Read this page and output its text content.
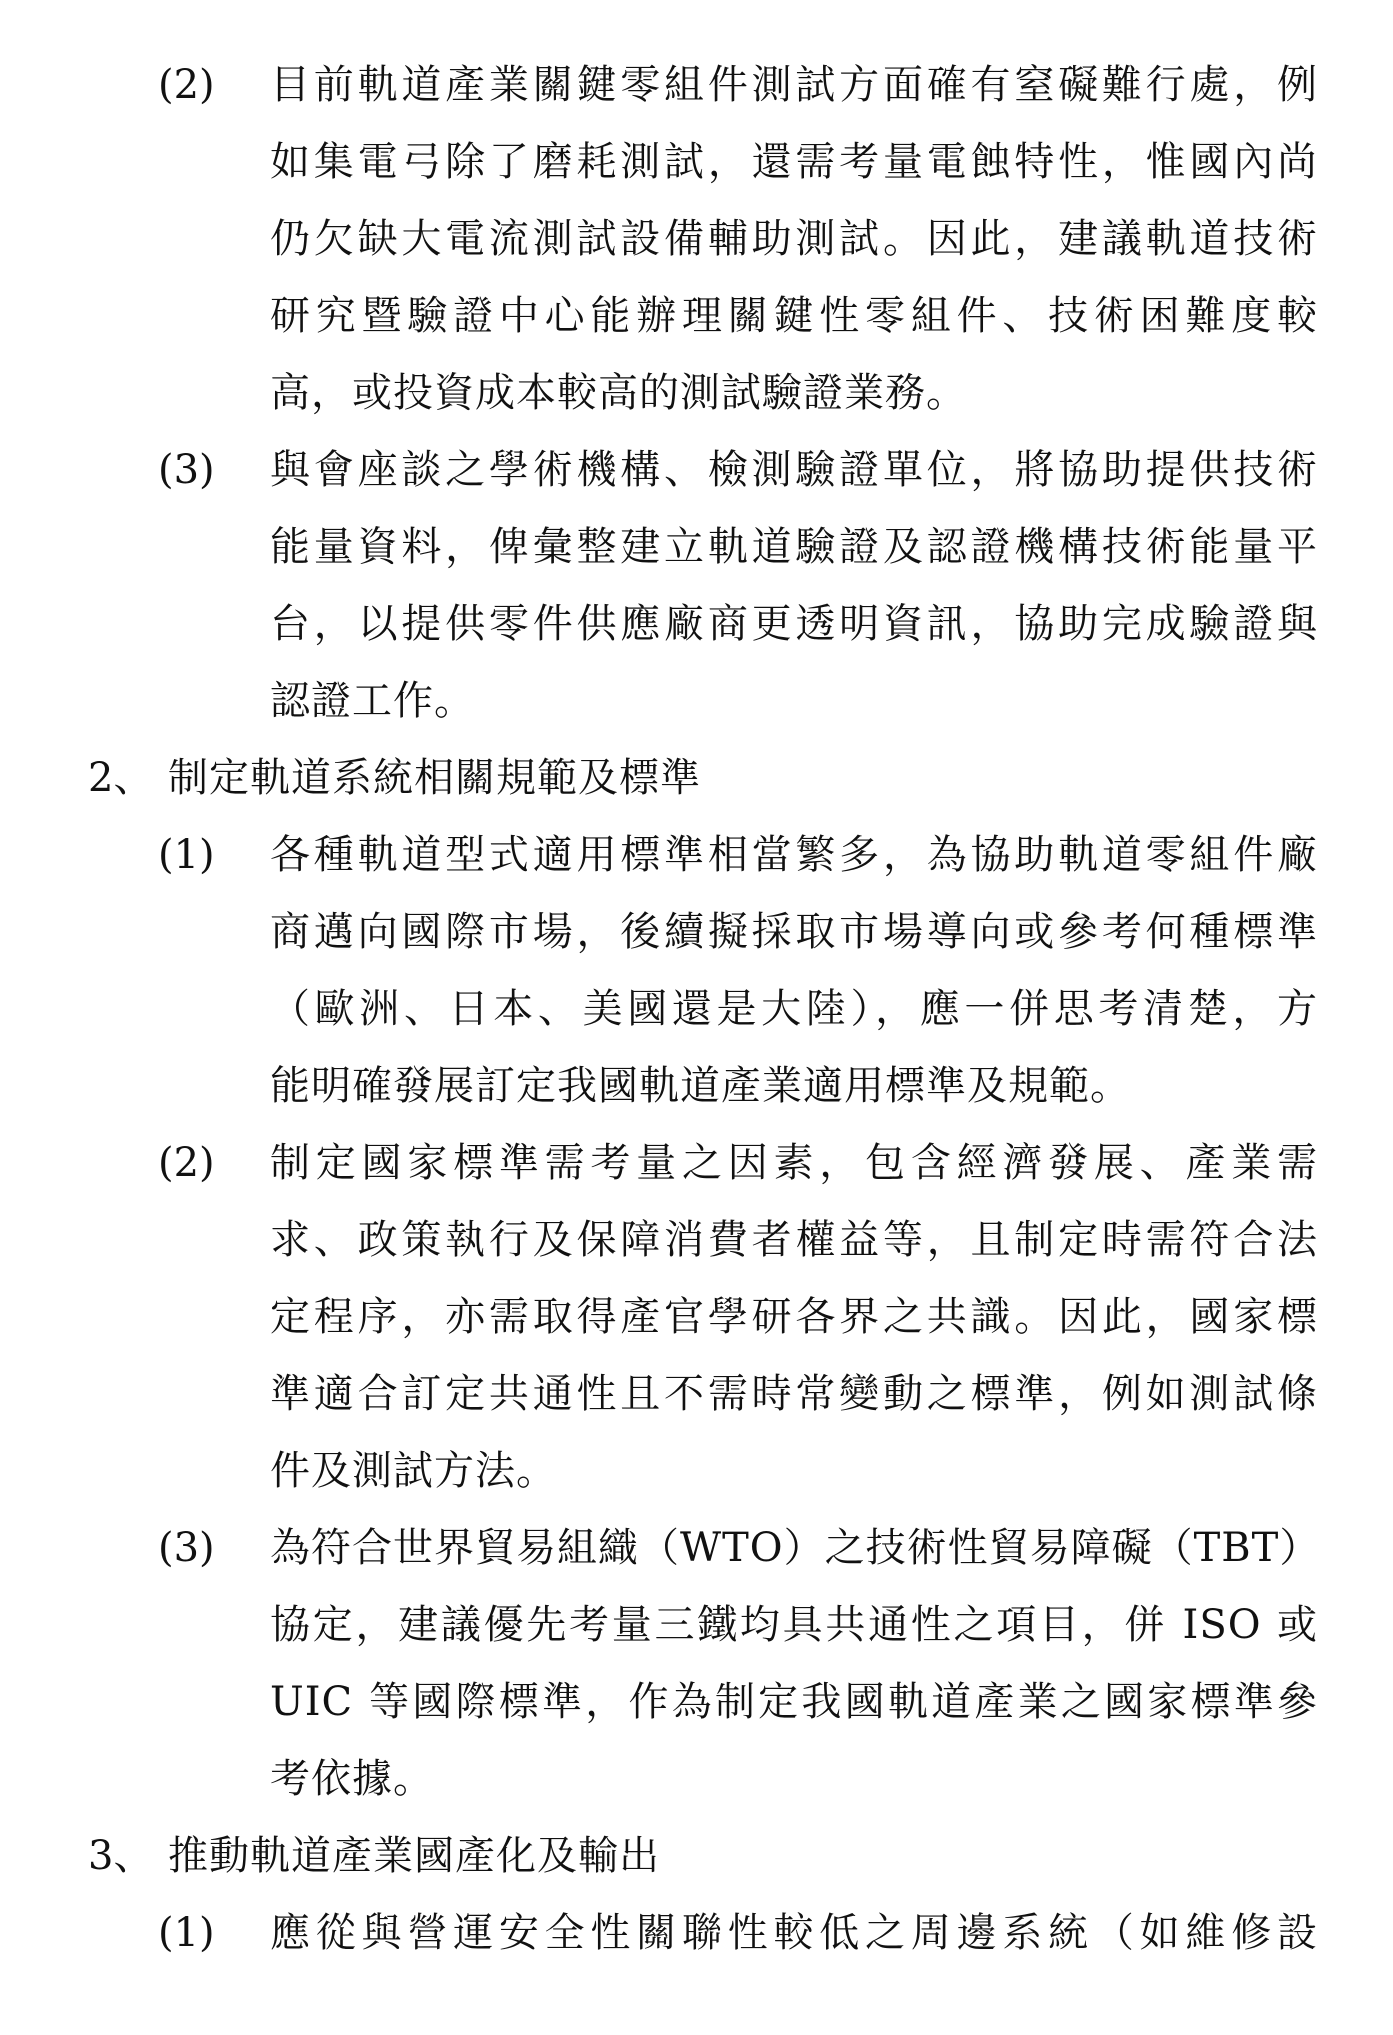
(2) 目前軌道產業關鍵零組件測試方面確有窒礙難行處，例
如集電弓除了磨耗測試，還需考量電蝕特性，惟國內尚
仍欠缺大電流測試設備輔助測試。因此，建議軌道技術
研究暨驗證中心能辦理關鍵性零組件、技術困難度較
高，或投資成本較高的測試驗證業務。
(3) 與會座談之學術機構、檢測驗證單位，將協助提供技術
能量資料，俾彙整建立軌道驗證及認證機構技術能量平
台，以提供零件供應廠商更透明資訊，協助完成驗證與
認證工作。
2、 制定軌道系統相關規範及標準
(1) 各種軌道型式適用標準相當繁多，為協助軌道零組件廠
商邁向國際市場，後續擬採取市場導向或參考何種標準
（歐洲、日本、美國還是大陸），應一併思考清楚，方
能明確發展訂定我國軌道產業適用標準及規範。
(2) 制定國家標準需考量之因素，包含經濟發展、產業需
求、政策執行及保障消費者權益等，且制定時需符合法
定程序，亦需取得產官學研各界之共識。因此，國家標
準適合訂定共通性且不需時常變動之標準，例如測試條
件及測試方法。
(3) 為符合世界貿易組織（WTO）之技術性貿易障礙（TBT）
協定，建議優先考量三鐵均具共通性之項目，併 ISO 或
UIC 等國際標準，作為制定我國軌道產業之國家標準參
考依據。
3、 推動軌道產業國產化及輸出
(1) 應從與營運安全性關聯性較低之周邊系統（如維修設
